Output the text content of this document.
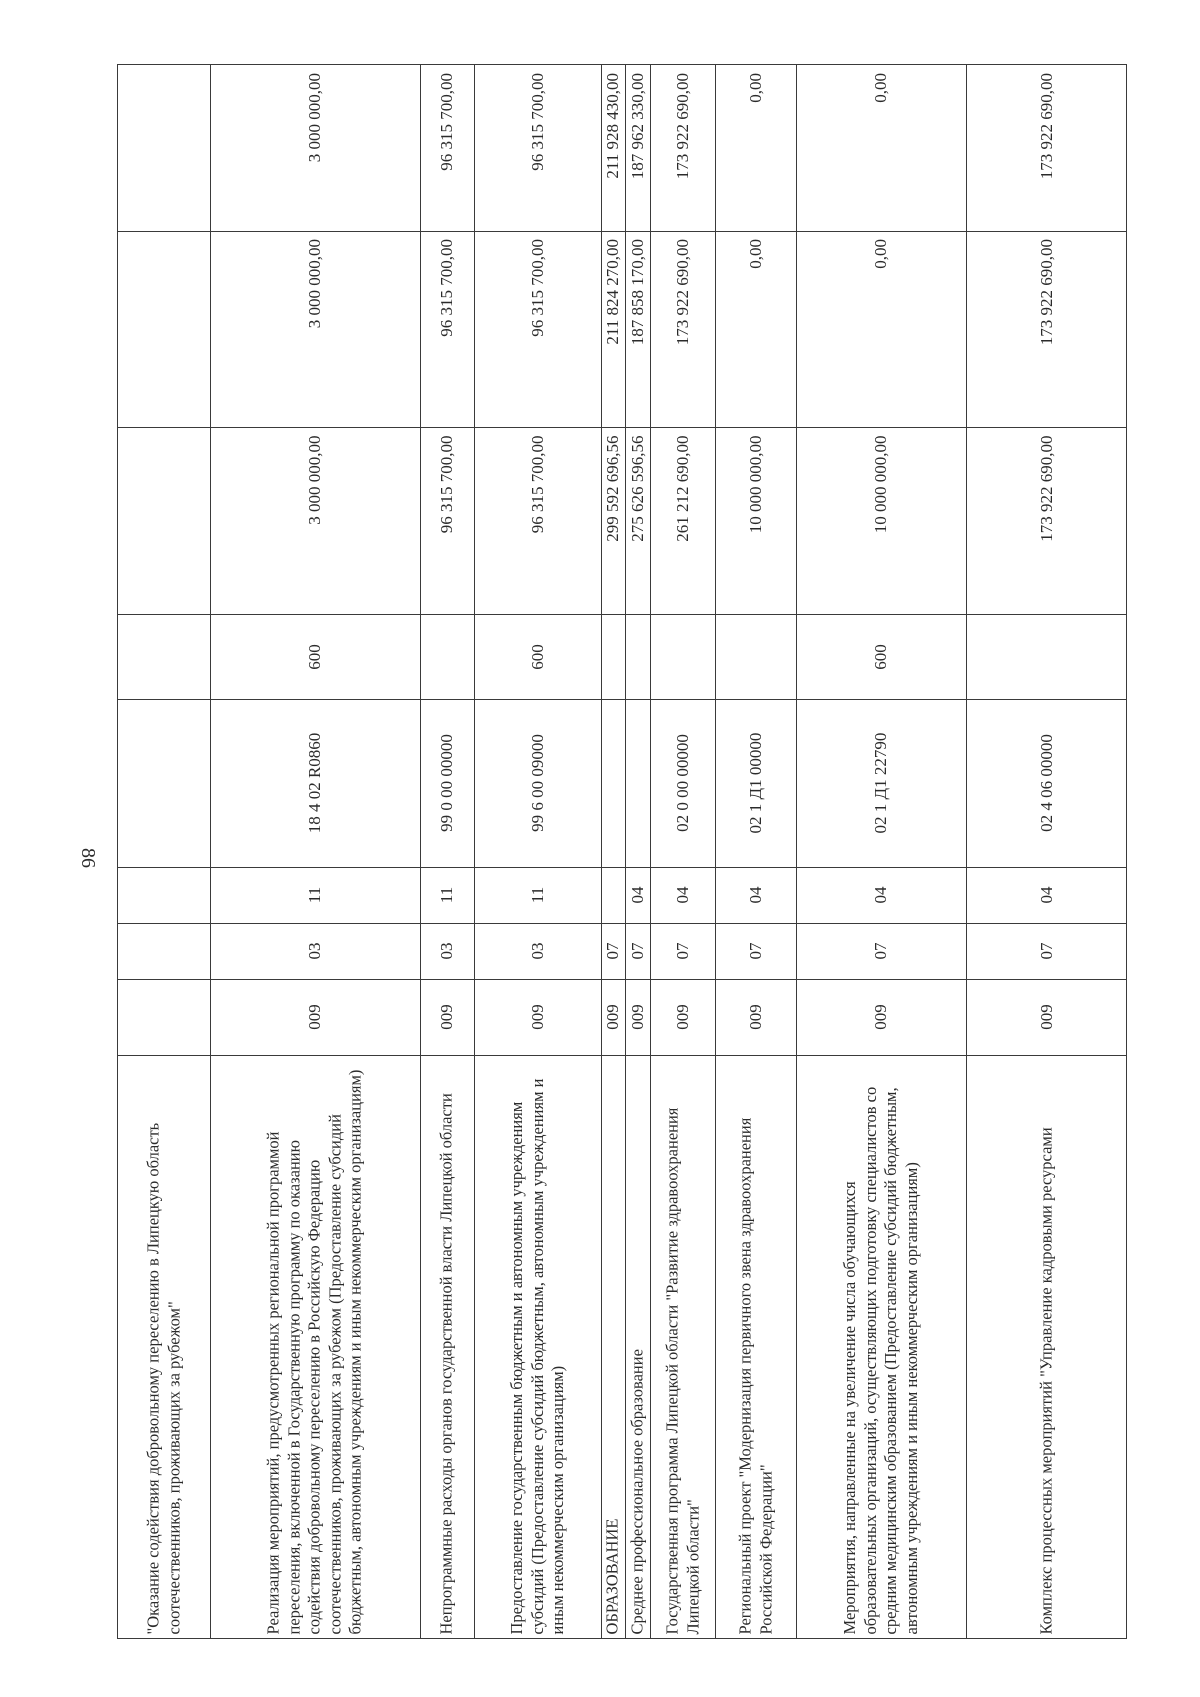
86
"Оказание содействия добровольному переселению в Липецкую область соотечественников, проживающих за рубежом"	Реализация мероприятий, предусмотренных региональной программой переселения, включенной в Государственную программу по оказанию содействия добровольному переселению в Российскую Федерацию соотечественников, проживающих за рубежом (Предоставление субсидий бюджетным, автономным учреждениям и иным некоммерческим организациям)
009
03
11
18 4 02 R0860
600
3 000 000,00
3 000 000,00
3 000 000,00
Непрограммные расходы органов государственной власти Липецкой области
009
03
11
99 0 00 00000
96 315 700,00
96 315 700,00
96 315 700,00
Предоставление государственным бюджетным и автономным учреждениям субсидий (Предоставление субсидий бюджетным, автономным учреждениям и иным некоммерческим организациям)
009
03
11
99 6 00 09000
600
96 315 700,00
96 315 700,00
96 315 700,00
ОБРАЗОВАНИЕ
009
07
299 592 696,56
211 824 270,00
211 928 430,00
Среднее профессиональное образование
009
07
04
275 626 596,56
187 858 170,00
187 962 330,00
Государственная программа Липецкой области "Развитие здравоохранения Липецкой области"
009
07
04
02 0 00 00000
261 212 690,00
173 922 690,00
173 922 690,00
Региональный проект "Модернизация первичного звена здравоохранения Российской Федерации"
009
07
04
02 1 Д1 00000
10 000 000,00
0,00
0,00
Мероприятия, направленные на увеличение числа обучающихся образовательных организаций, осуществляющих подготовку специалистов со средним медицинским образованием (Предоставление субсидий бюджетным, автономным учреждениям и иным некоммерческим организациям)
009
07
04
02 1 Д1 22790
600
10 000 000,00
0,00
0,00
Комплекс процессных мероприятий "Управление кадровыми ресурсами
009
07
04
02 4 06 00000
173 922 690,00
173 922 690,00
173 922 690,00
